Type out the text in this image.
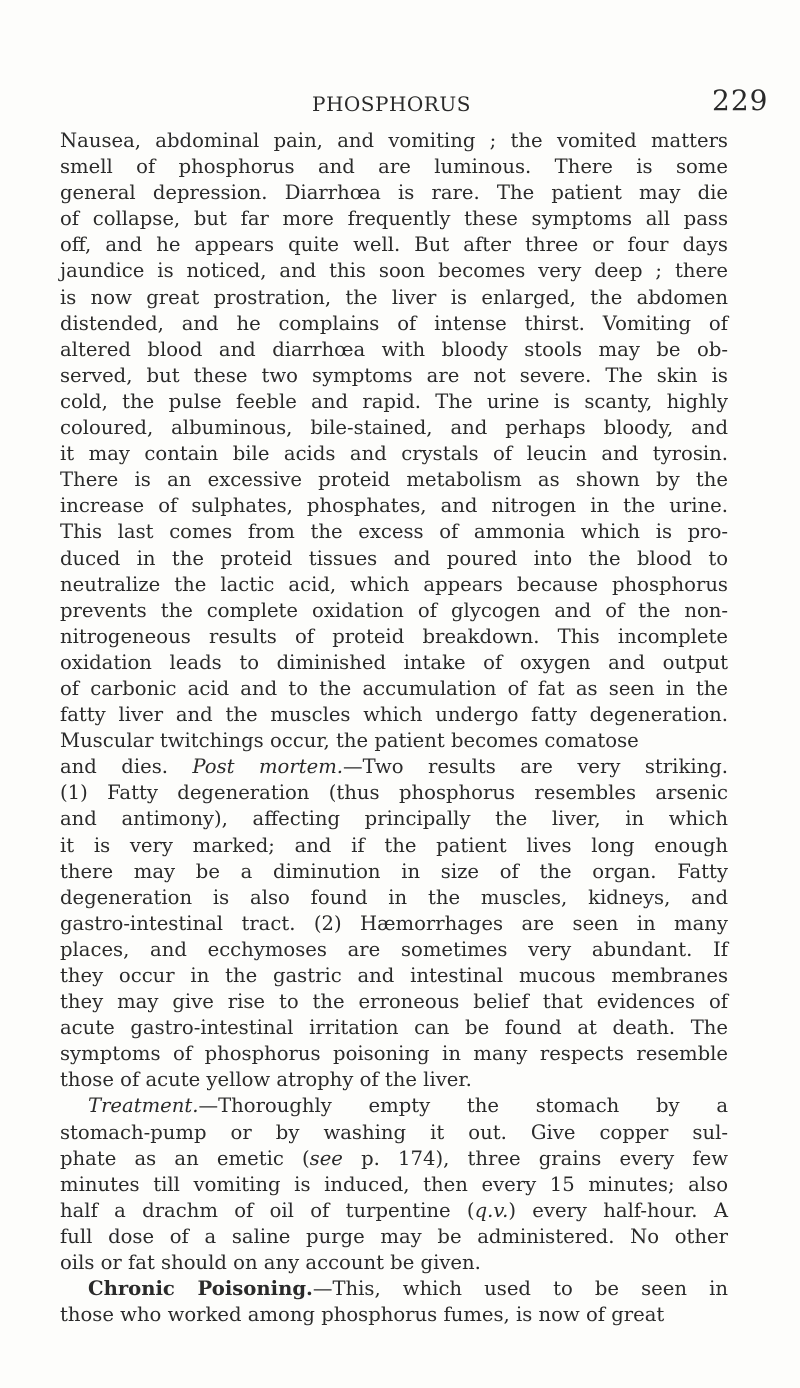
PHOSPHORUS	229
Nausea, abdominal pain, and vomiting ; the vomited matters
smell of phosphorus and are luminous. There is some
general depression. Diarrhœa is rare. The patient may die
of collapse, but far more frequently these symptoms all pass
off, and he appears quite well. But after three or four days
jaundice is noticed, and this soon becomes very deep ; there
is now great prostration, the liver is enlarged, the abdomen
distended, and he complains of intense thirst. Vomiting of
altered blood and diarrhœa with bloody stools may be ob-
served, but these two symptoms are not severe. The skin is
cold, the pulse feeble and rapid. The urine is scanty, highly
coloured, albuminous, bile-stained, and perhaps bloody, and
it may contain bile acids and crystals of leucin and tyrosin.
There is an excessive proteid metabolism as shown by the
increase of sulphates, phosphates, and nitrogen in the urine.
This last comes from the excess of ammonia which is pro-
duced in the proteid tissues and poured into the blood to
neutralize the lactic acid, which appears because phosphorus
prevents the complete oxidation of glycogen and of the non-
nitrogeneous results of proteid breakdown. This incomplete
oxidation leads to diminished intake of oxygen and output
of carbonic acid and to the accumulation of fat as seen in the
fatty liver and the muscles which undergo fatty degeneration.
Muscular twitchings occur, the patient becomes comatose
and dies. Post mortem.—Two results are very striking.
(1) Fatty degeneration (thus phosphorus resembles arsenic
and antimony), affecting principally the liver, in which
it is very marked; and if the patient lives long enough
there may be a diminution in size of the organ. Fatty
degeneration is also found in the muscles, kidneys, and
gastro-intestinal tract. (2) Hæmorrhages are seen in many
places, and ecchymoses are sometimes very abundant. If
they occur in the gastric and intestinal mucous membranes
they may give rise to the erroneous belief that evidences of
acute gastro-intestinal irritation can be found at death. The
symptoms of phosphorus poisoning in many respects resemble
those of acute yellow atrophy of the liver.
Treatment.—Thoroughly empty the stomach by a
stomach-pump or by washing it out. Give copper sul-
phate as an emetic (see p. 174), three grains every few
minutes till vomiting is induced, then every 15 minutes; also
half a drachm of oil of turpentine (q.v.) every half-hour. A
full dose of a saline purge may be administered. No other
oils or fat should on any account be given.
Chronic Poisoning.—This, which used to be seen in
those who worked among phosphorus fumes, is now of great
